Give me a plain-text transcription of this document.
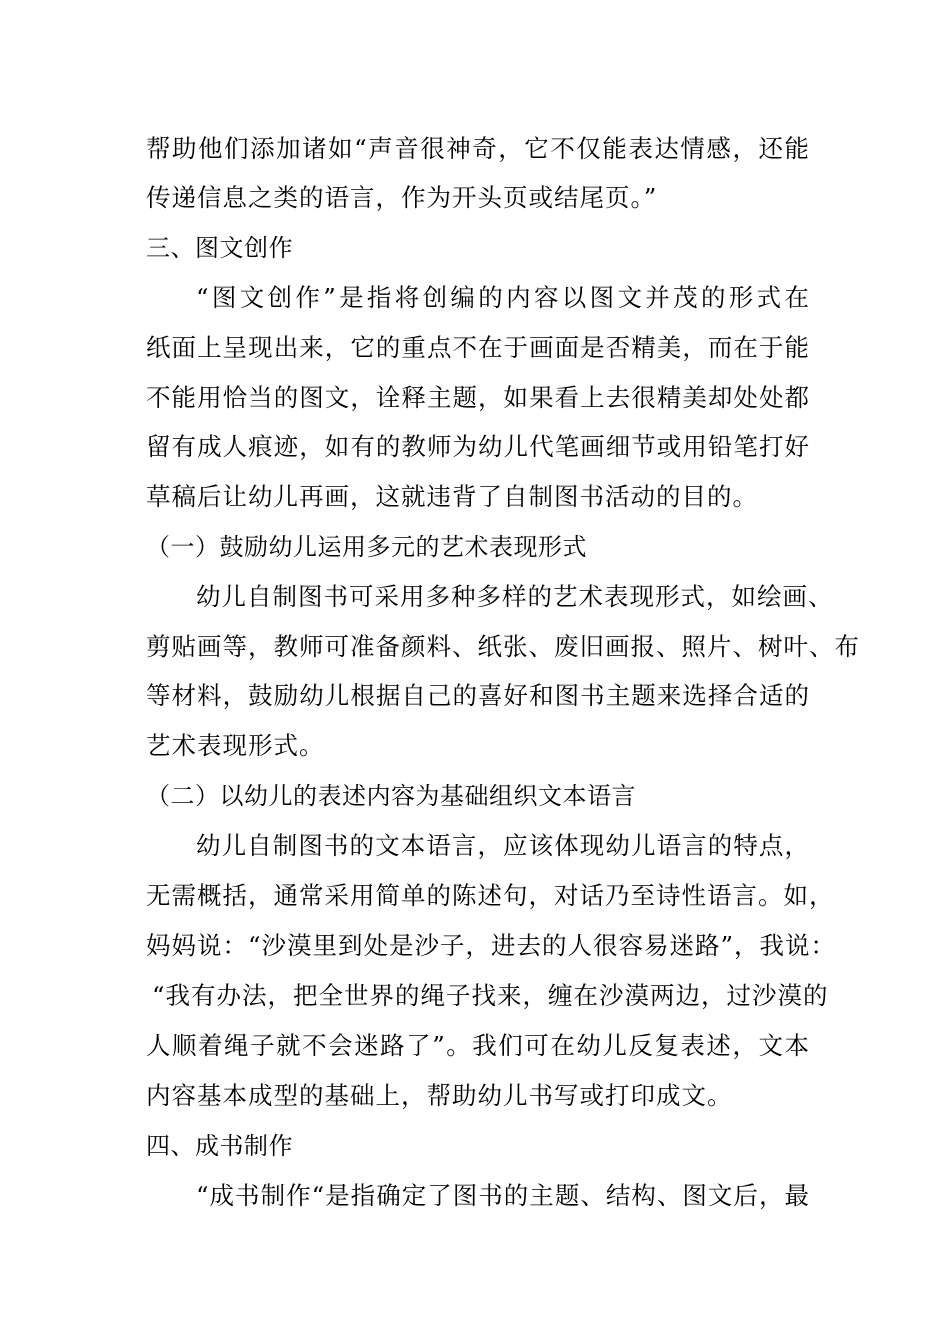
帮助他们添加诸如“声音很神奇，它不仅能表达情感，还能
传递信息之类的语言，作为开头页或结尾页。”
三、图文创作
“图文创作”是指将创编的内容以图文并茂的形式在
纸面上呈现出来，它的重点不在于画面是否精美，而在于能
不能用恰当的图文，诠释主题，如果看上去很精美却处处都
留有成人痕迹，如有的教师为幼儿代笔画细节或用铅笔打好
草稿后让幼儿再画，这就违背了自制图书活动的目的。
（一）鼓励幼儿运用多元的艺术表现形式
幼儿自制图书可采用多种多样的艺术表现形式，如绘画、
剪贴画等，教师可准备颜料、纸张、废旧画报、照片、树叶、布
等材料，鼓励幼儿根据自己的喜好和图书主题来选择合适的
艺术表现形式。
（二）以幼儿的表述内容为基础组织文本语言
幼儿自制图书的文本语言，应该体现幼儿语言的特点，
无需概括，通常采用简单的陈述句，对话乃至诗性语言。如，
妈妈说：“沙漠里到处是沙子，进去的人很容易迷路”，我说：
“我有办法，把全世界的绳子找来，缠在沙漠两边，过沙漠的
人顺着绳子就不会迷路了”。我们可在幼儿反复表述，文本
内容基本成型的基础上，帮助幼儿书写或打印成文。
四、成书制作
“成书制作“是指确定了图书的主题、结构、图文后，最
